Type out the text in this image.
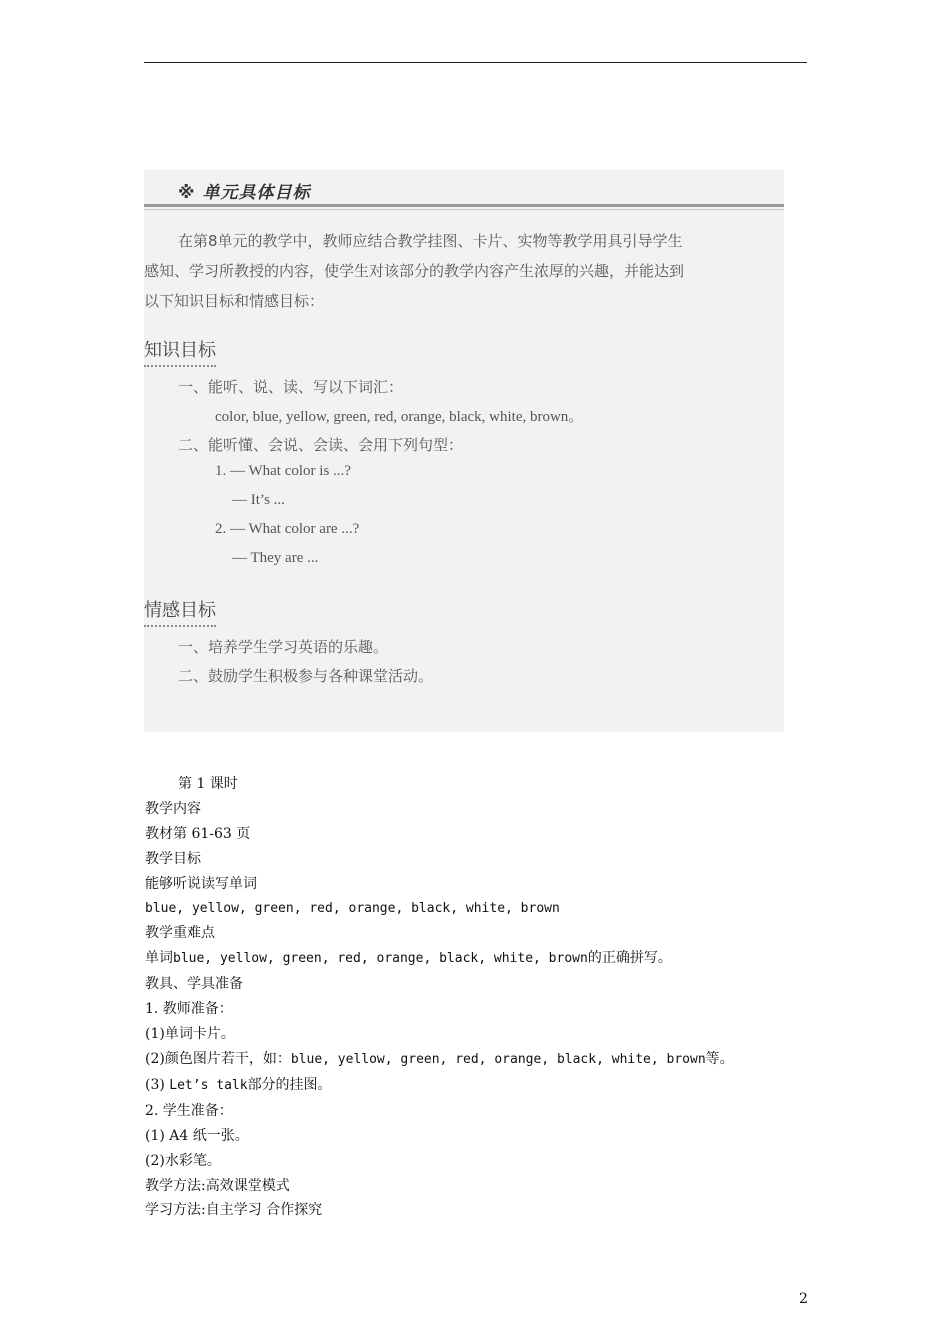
※ 单元具体目标

在第8单元的教学中，教师应结合教学挂图、卡片、实物等教学用具引导学生

感知、学习所教授的内容，使学生对该部分的教学内容产生浓厚的兴趣，并能达到

以下知识目标和情感目标：

知识目标
一、能听、说、读、写以下词汇：
color, blue, yellow, green, red, orange, black, white, brown。
二、能听懂、会说、会读、会用下列句型：
1. — What color is ...?
— It’s ...
2. — What color are ...?
— They are ...
情感目标
一、培养学生学习英语的乐趣。
二、鼓励学生积极参与各种课堂活动。
第 1 课时
教学内容
教材第 61-63 页
教学目标
能够听说读写单词
blue, yellow, green, red, orange, black, white, brown
教学重难点
单词blue, yellow, green, red, orange, black, white, brown的正确拼写。
教具、学具准备
1. 教师准备：
(1)单词卡片。
(2)颜色图片若干，如：blue, yellow, green, red, orange, black, white, brown等。
(3) Let’s talk部分的挂图。
2. 学生准备：
(1) A4 纸一张。
(2)水彩笔。
教学方法:高效课堂模式
学习方法:自主学习 合作探究
2
